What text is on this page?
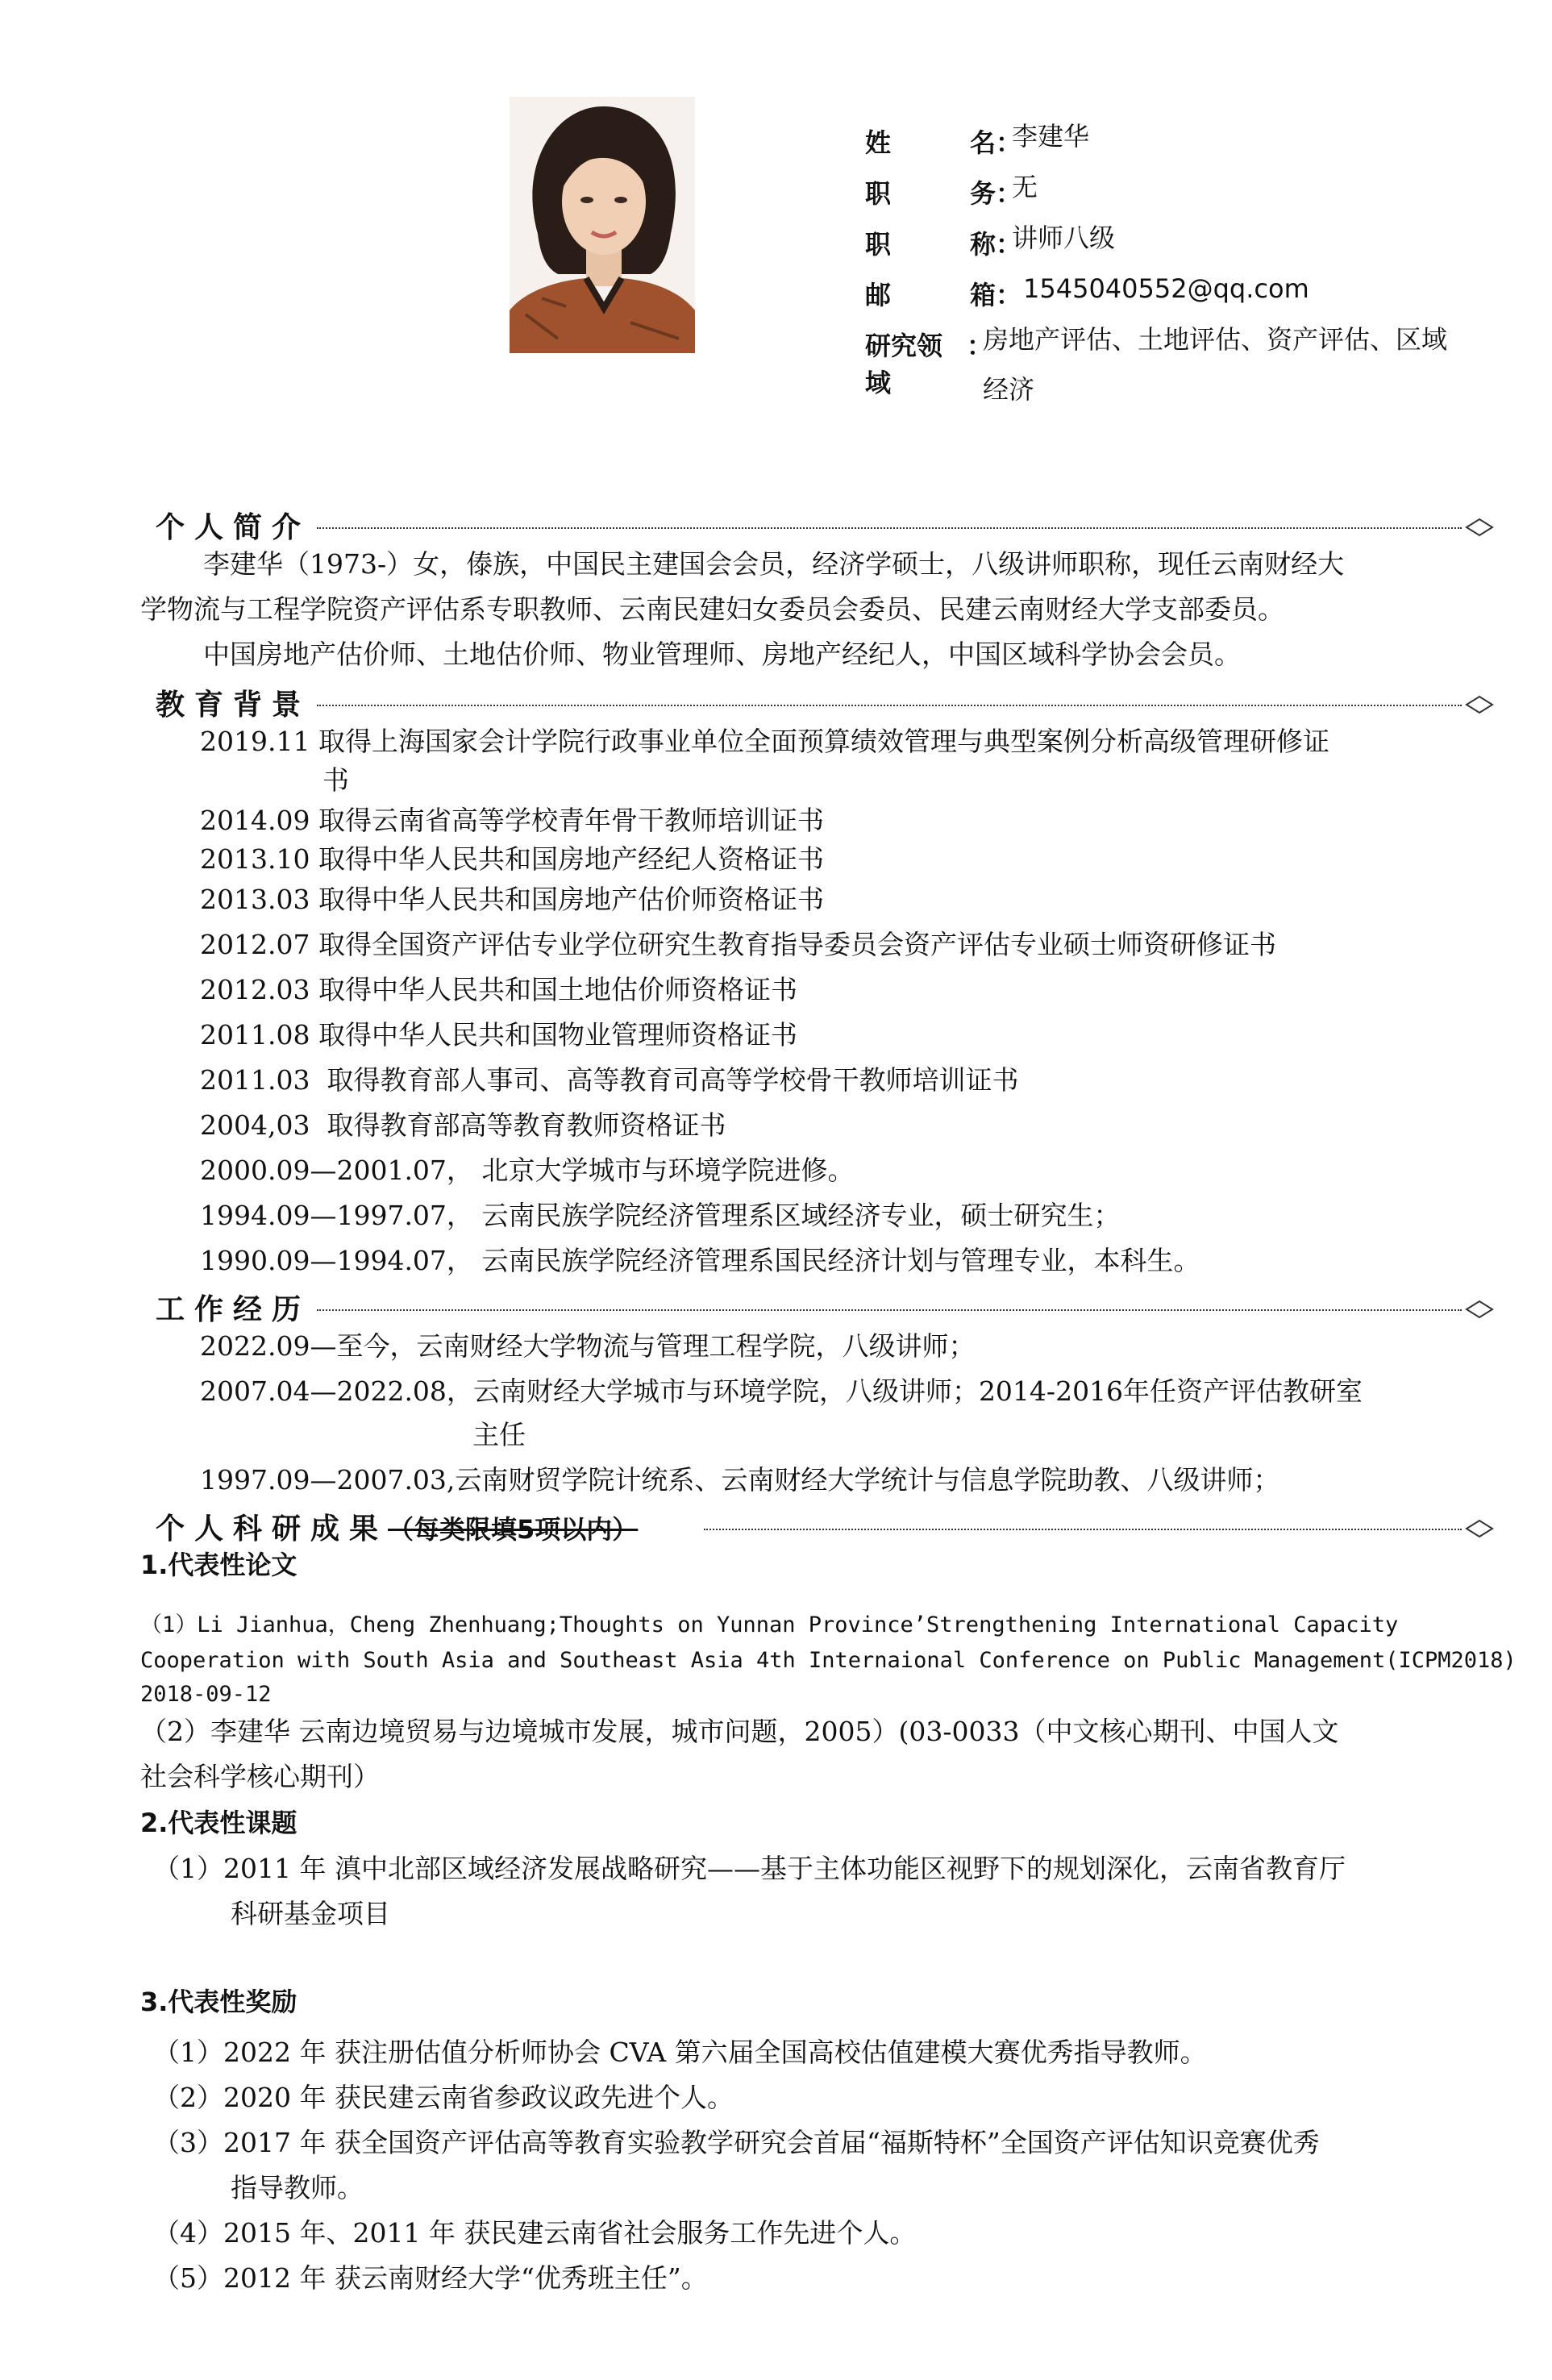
姓	名 ：
李建华
职	务 ：
无
职	称 ：
讲师八级
邮	箱 ： 1545040552@qq.com
研究领域
：
房地产评估、土地评估、资产评估、区域
经济
个人简介
李建华（1973-）女，傣族，中国民主建国会会员，经济学硕士，八级讲师职称，现任云南财经大
学物流与工程学院资产评估系专职教师、云南民建妇女委员会委员、民建云南财经大学支部委员。
中国房地产估价师、土地估价师、物业管理师、房地产经纪人，中国区域科学协会会员。
教育背景
2019.11 取得上海国家会计学院行政事业单位全面预算绩效管理与典型案例分析高级管理研修证
书
2014.09 取得云南省高等学校青年骨干教师培训证书
2013.10 取得中华人民共和国房地产经纪人资格证书
2013.03 取得中华人民共和国房地产估价师资格证书
2012.07 取得全国资产评估专业学位研究生教育指导委员会资产评估专业硕士师资研修证书
2012.03 取得中华人民共和国土地估价师资格证书
2011.08 取得中华人民共和国物业管理师资格证书
2011.03 取得教育部人事司、高等教育司高等学校骨干教师培训证书
2004,03 取得教育部高等教育教师资格证书
2000.09—2001.07， 北京大学城市与环境学院进修。
1994.09—1997.07， 云南民族学院经济管理系区域经济专业，硕士研究生；
1990.09—1994.07， 云南民族学院经济管理系国民经济计划与管理专业，本科生。
工作经历
2022.09—至今，云南财经大学物流与管理工程学院，八级讲师；
2007.04—2022.08，云南财经大学城市与环境学院，八级讲师；2014-2016年任资产评估教研室
主任
1997.09—2007.03,云南财贸学院计统系、云南财经大学统计与信息学院助教、八级讲师；
个人科研成果（每类限填5项以内）
1.代表性论文
（1）Li Jianhua，Cheng Zhenhuang;Thoughts on Yunnan Province’Strengthening International Capacity
Cooperation with South Asia and Southeast Asia 4th Internaional Conference on Public Management(ICPM2018)
2018-09-12
（2）李建华 云南边境贸易与边境城市发展，城市问题，2005）(03-0033（中文核心期刊、中国人文
社会科学核心期刊）
2.代表性课题
（1）2011 年 滇中北部区域经济发展战略研究——基于主体功能区视野下的规划深化，云南省教育厅
科研基金项目
3.代表性奖励
（1）2022 年 获注册估值分析师协会 CVA 第六届全国高校估值建模大赛优秀指导教师。
（2）2020 年 获民建云南省参政议政先进个人。
（3）2017 年 获全国资产评估高等教育实验教学研究会首届“福斯特杯”全国资产评估知识竞赛优秀
指导教师。
（4）2015 年、2011 年 获民建云南省社会服务工作先进个人。
（5）2012 年 获云南财经大学“优秀班主任”。
